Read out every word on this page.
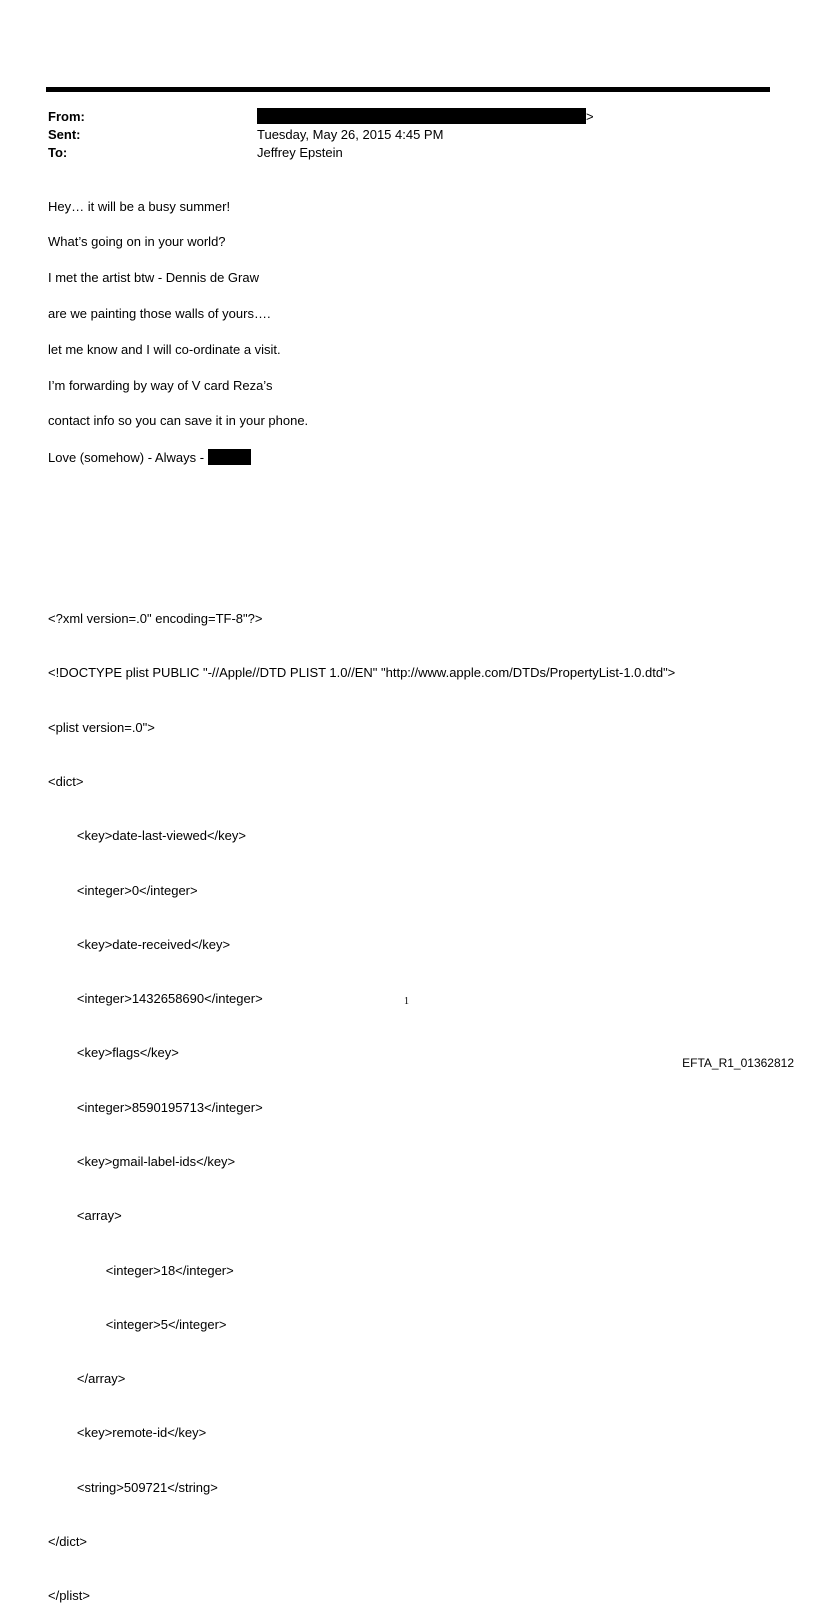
From:	>
Sent:	Tuesday, May 26, 2015 4:45 PM
To:	Jeffrey Epstein
Hey… it will be a busy summer!
What’s going on in your world?
I met the artist btw - Dennis de Graw
are we painting those walls of yours….
let me know and I will co-ordinate a visit.
I’m forwarding by way of V card Reza’s
contact info so you can save it in your phone.
Love (somehow) - Always -

<?xml version=.0" encoding=TF-8"?>

<!DOCTYPE plist PUBLIC "-//Apple//DTD PLIST 1.0//EN" "http://www.apple.com/DTDs/PropertyList-1.0.dtd">

<plist version=.0">

<dict>

<key>date-last-viewed</key>

<integer>0</integer>

<key>date-received</key>

<integer>1432658690</integer>

<key>flags</key>

<integer>8590195713</integer>

<key>gmail-label-ids</key>

<array>

<integer>18</integer>

<integer>5</integer>

</array>

<key>remote-id</key>

<string>509721</string>

</dict>

</plist>

1
EFTA_R1_01362812
